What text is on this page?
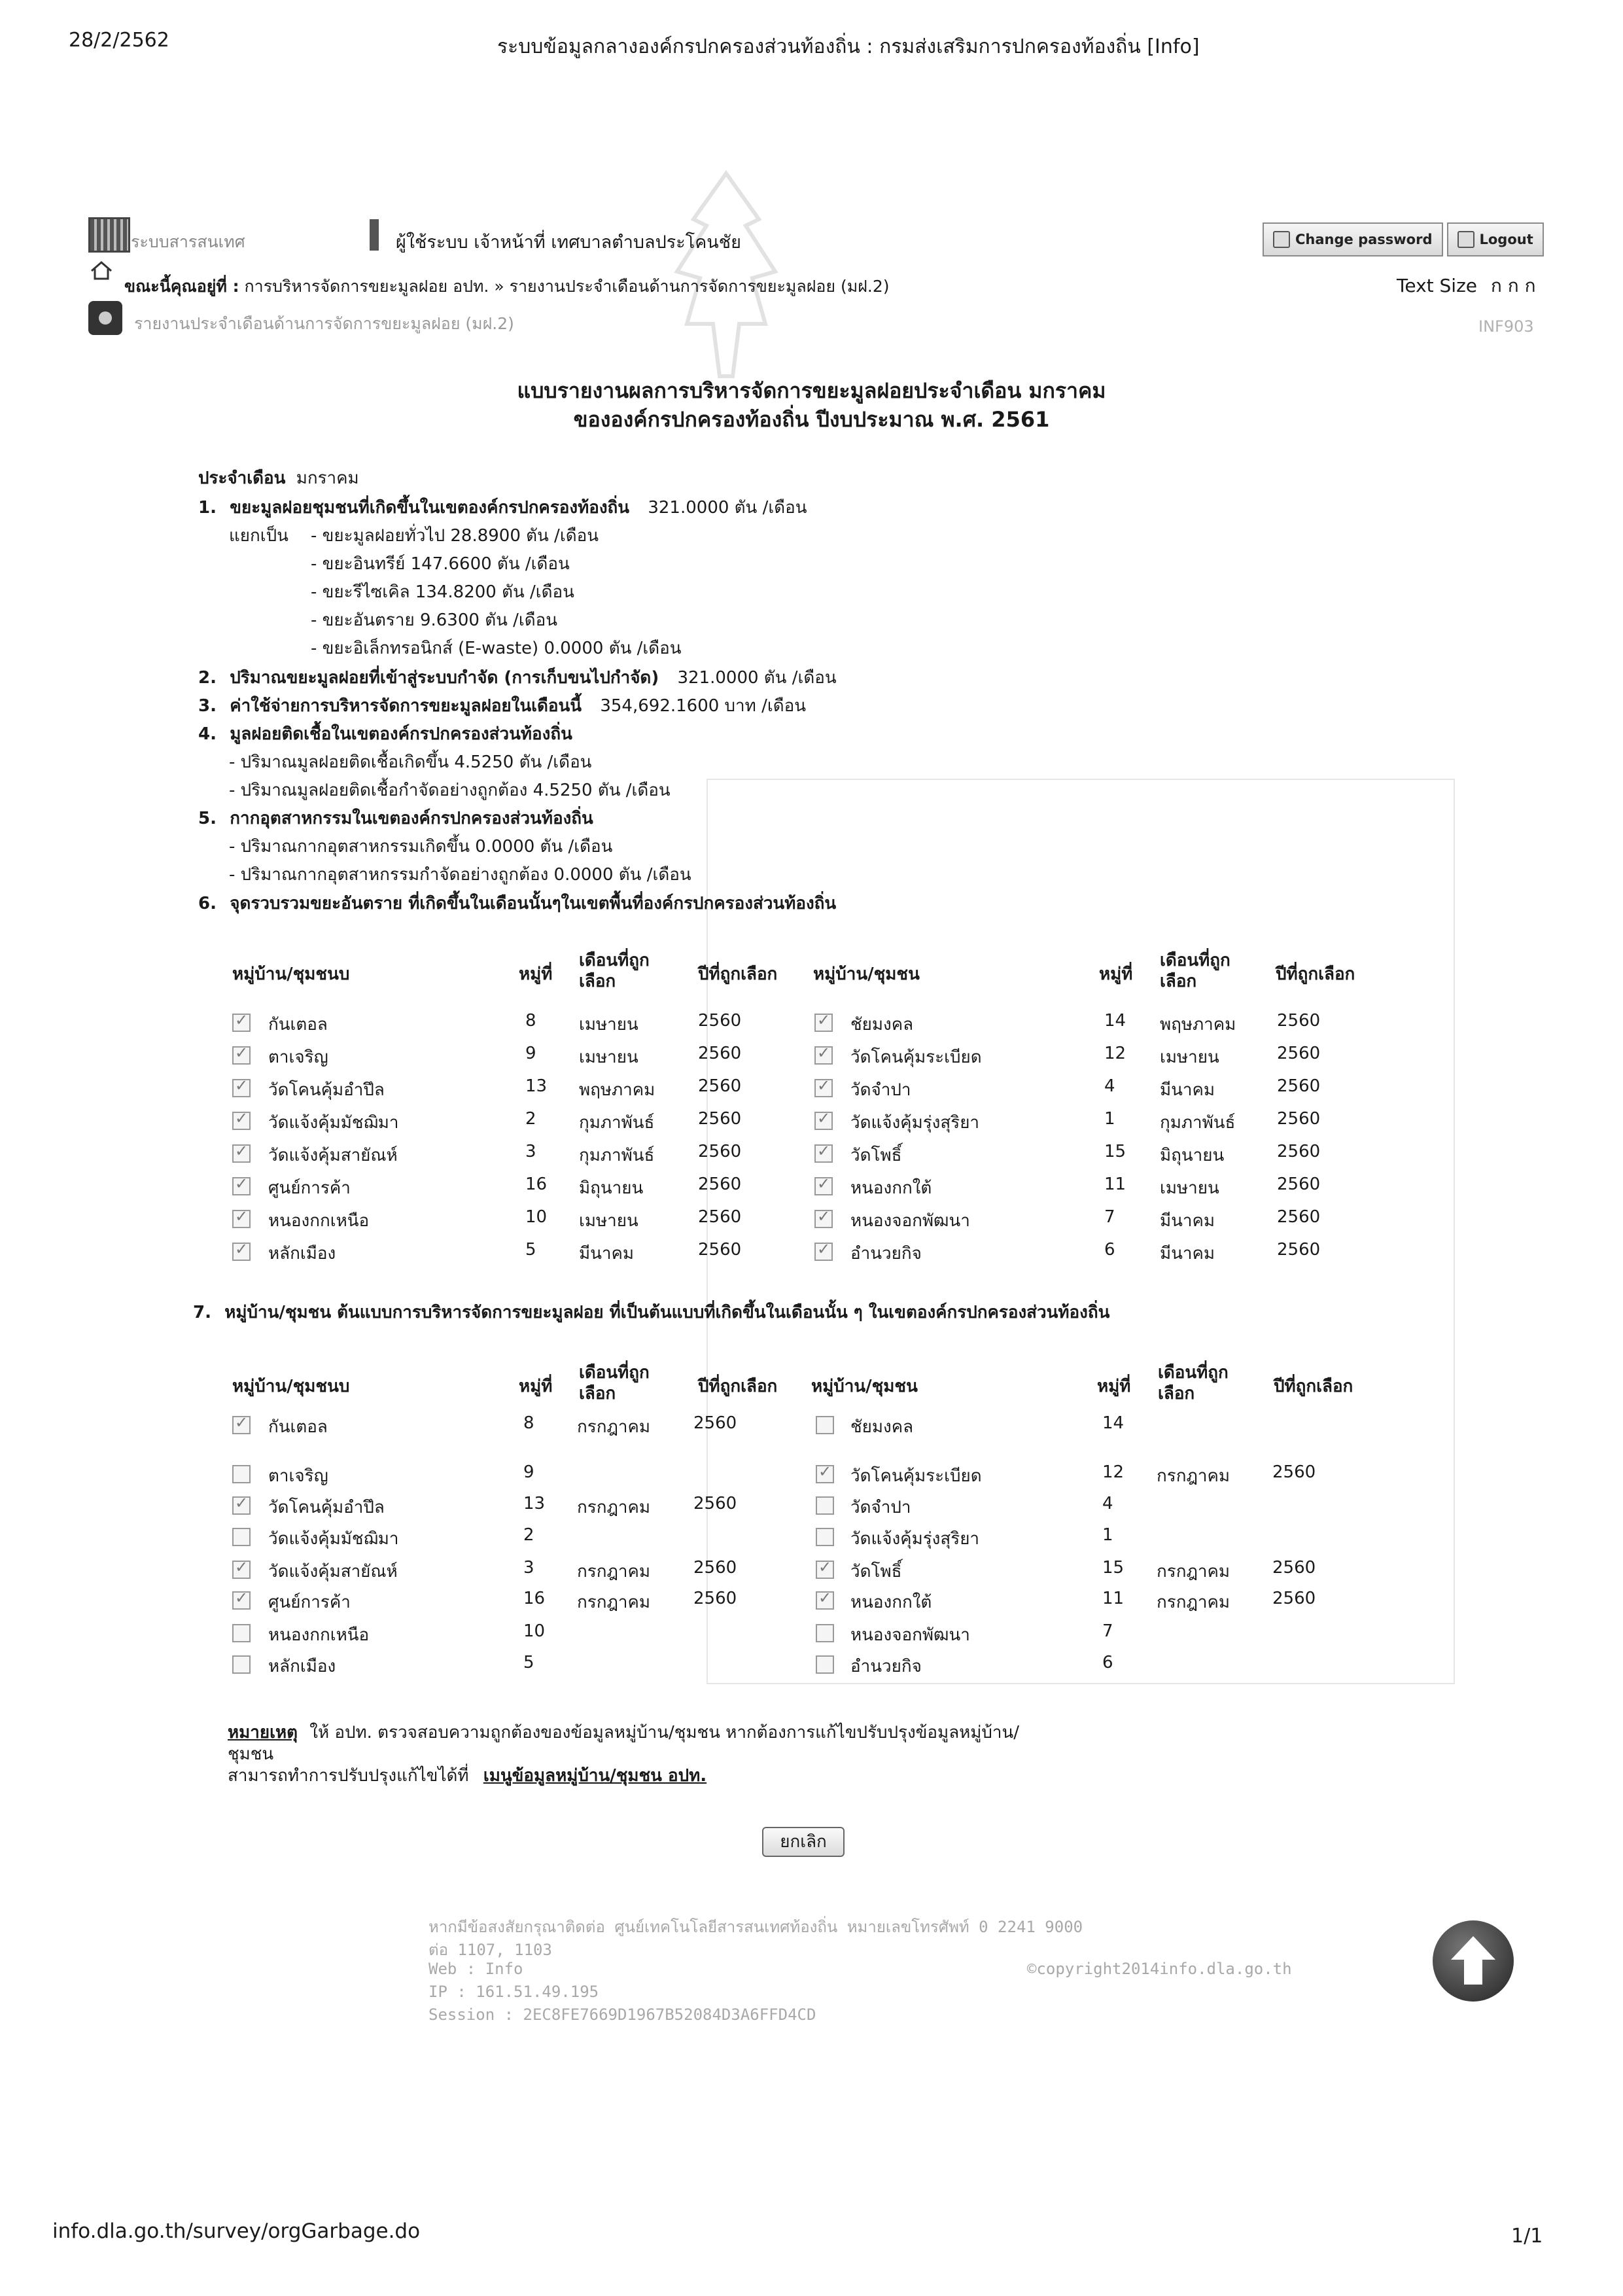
28/2/2562	ระบบข้อมูลกลางองค์กรปกครองส่วนท้องถิ่น : กรมส่งเสริมการปกครองท้องถิ่น [Info]
info.dla.go.th/survey/orgGarbage.do	1/1
ระบบสารสนเทศ	ผู้ใช้ระบบ เจ้าหน้าที่ เทศบาลตำบลประโคนชัย	Change password	Logout
ขณะนี้คุณอยู่ที่ : การบริหารจัดการขยะมูลฝอย อปท. » รายงานประจำเดือนด้านการจัดการขยะมูลฝอย (มฝ.2)	Text Size ก ก ก
รายงานประจำเดือนด้านการจัดการขยะมูลฝอย (มฝ.2)	INF903
แบบรายงานผลการบริหารจัดการขยะมูลฝอยประจำเดือน มกราคม
ขององค์กรปกครองท้องถิ่น ปีงบประมาณ พ.ศ. 2561
ประจำเดือน มกราคม
1. ขยะมูลฝอยชุมชนที่เกิดขึ้นในเขตองค์กรปกครองท้องถิ่น 321.0000 ตัน /เดือน
แยกเป็น - ขยะมูลฝอยทั่วไป 28.8900 ตัน /เดือน
- ขยะอินทรีย์ 147.6600 ตัน /เดือน
- ขยะรีไซเคิล 134.8200 ตัน /เดือน
- ขยะอันตราย 9.6300 ตัน /เดือน
- ขยะอิเล็กทรอนิกส์ (E-waste) 0.0000 ตัน /เดือน
2. ปริมาณขยะมูลฝอยที่เข้าสู่ระบบกำจัด (การเก็บขนไปกำจัด) 321.0000 ตัน /เดือน
3. ค่าใช้จ่ายการบริหารจัดการขยะมูลฝอยในเดือนนี้ 354,692.1600 บาท /เดือน
4. มูลฝอยติดเชื้อในเขตองค์กรปกครองส่วนท้องถิ่น
- ปริมาณมูลฝอยติดเชื้อเกิดขึ้น 4.5250 ตัน /เดือน
- ปริมาณมูลฝอยติดเชื้อกำจัดอย่างถูกต้อง 4.5250 ตัน /เดือน
5. กากอุตสาหกรรมในเขตองค์กรปกครองส่วนท้องถิ่น
- ปริมาณกากอุตสาหกรรมเกิดขึ้น 0.0000 ตัน /เดือน
- ปริมาณกากอุตสาหกรรมกำจัดอย่างถูกต้อง 0.0000 ตัน /เดือน
6. จุดรวบรวมขยะอันตราย ที่เกิดขึ้นในเดือนนั้นๆในเขตพื้นที่องค์กรปกครองส่วนท้องถิ่น
หมู่บ้าน/ชุมชนบ	หมู่ที่
เดือนที่ถูกเลือก	ปีที่ถูกเลือก หมู่บ้าน/ชุมชน	หมู่ที่
เดือนที่ถูกเลือก	ปีที่ถูกเลือก
✓
กันเตอล	8	เมษายน	2560
✓
ตาเจริญ	9	เมษายน	2560
✓
วัดโคนคุ้มอำปึล	13 พฤษภาคม	2560
✓
วัดแจ้งคุ้มมัชฌิมา	2	กุมภาพันธ์	2560
✓
วัดแจ้งคุ้มสายัณห์	3	กุมภาพันธ์	2560
✓
ศูนย์การค้า	16 มิถุนายน	2560
✓
หนองกกเหนือ	10 เมษายน	2560
✓
หลักเมือง	5	มีนาคม	2560
✓
ชัยมงคล	14 พฤษภาคม 2560
✓
วัดโคนคุ้มระเบียด	12 เมษายน	2560
✓
วัดจำปา	4	มีนาคม	2560
✓
วัดแจ้งคุ้มรุ่งสุริยา	1	กุมภาพันธ์ 2560
✓
วัดโพธิ์	15 มิถุนายน	2560
✓
หนองกกใต้	11 เมษายน	2560
✓
หนองจอกพัฒนา	7	มีนาคม	2560
✓
อำนวยกิจ	6	มีนาคม	2560
7. หมู่บ้าน/ชุมชน ต้นแบบการบริหารจัดการขยะมูลฝอย ที่เป็นต้นแบบที่เกิดขึ้นในเดือนนั้น ๆ ในเขตองค์กรปกครองส่วนท้องถิ่น
หมู่บ้าน/ชุมชนบ	หมู่ที่
เดือนที่ถูกเลือก	ปีที่ถูกเลือก หมู่บ้าน/ชุมชน	หมู่ที่
เดือนที่ถูกเลือก	ปีที่ถูกเลือก
✓
กันเตอล	8	กรกฎาคม	2560
ตาเจริญ	9
✓
วัดโคนคุ้มอำปึล	13 กรกฎาคม	2560
วัดแจ้งคุ้มมัชฌิมา	2
✓
วัดแจ้งคุ้มสายัณห์	3	กรกฎาคม	2560
✓
ศูนย์การค้า	16 กรกฎาคม	2560
หนองกกเหนือ	10
หลักเมือง	5
ชัยมงคล	14
✓
วัดโคนคุ้มระเบียด	12 กรกฎาคม 2560
วัดจำปา	4
วัดแจ้งคุ้มรุ่งสุริยา	1
✓
วัดโพธิ์	15 กรกฎาคม 2560
✓
หนองกกใต้	11 กรกฎาคม 2560
หนองจอกพัฒนา	7
อำนวยกิจ	6
หมายเหตุ ให้ อปท. ตรวจสอบความถูกต้องของข้อมูลหมู่บ้าน/ชุมชน หากต้องการแก้ไขปรับปรุงข้อมูลหมู่บ้าน/
ชุมชน
สามารถทำการปรับปรุงแก้ไขได้ที่ เมนูข้อมูลหมู่บ้าน/ชุมชน อปท.
ยกเลิก
หากมีข้อสงสัยกรุณาติดต่อ ศูนย์เทคโนโลยีสารสนเทศท้องถิ่น หมายเลขโทรศัพท์ 0 2241 9000
ต่อ 1107, 1103
Web : Info
IP : 161.51.49.195
Session : 2EC8FE7669D1967B52084D3A6FFD4CD
©copyright2014info.dla.go.th
